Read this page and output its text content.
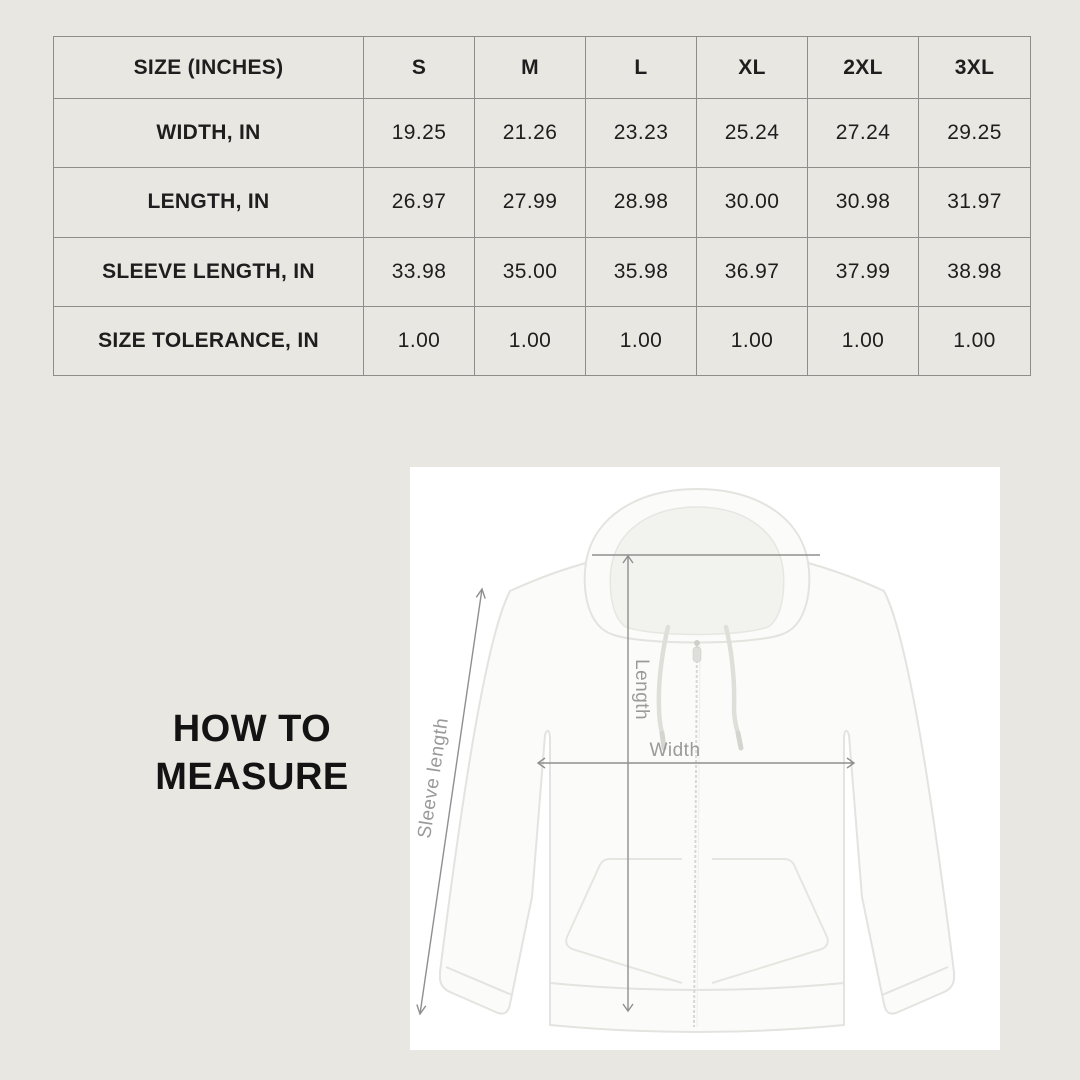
SIZE (INCHES)	S	M	L	XL	2XL	3XL
WIDTH, IN	19.25	21.26	23.23	25.24	27.24	29.25
LENGTH, IN	26.97	27.99	28.98	30.00	30.98	31.97
SLEEVE LENGTH, IN	33.98	35.00	35.98	36.97	37.99	38.98
SIZE TOLERANCE, IN	1.00	1.00	1.00	1.00	1.00	1.00
HOW TO
MEASURE
Length
Width
Sleeve length
